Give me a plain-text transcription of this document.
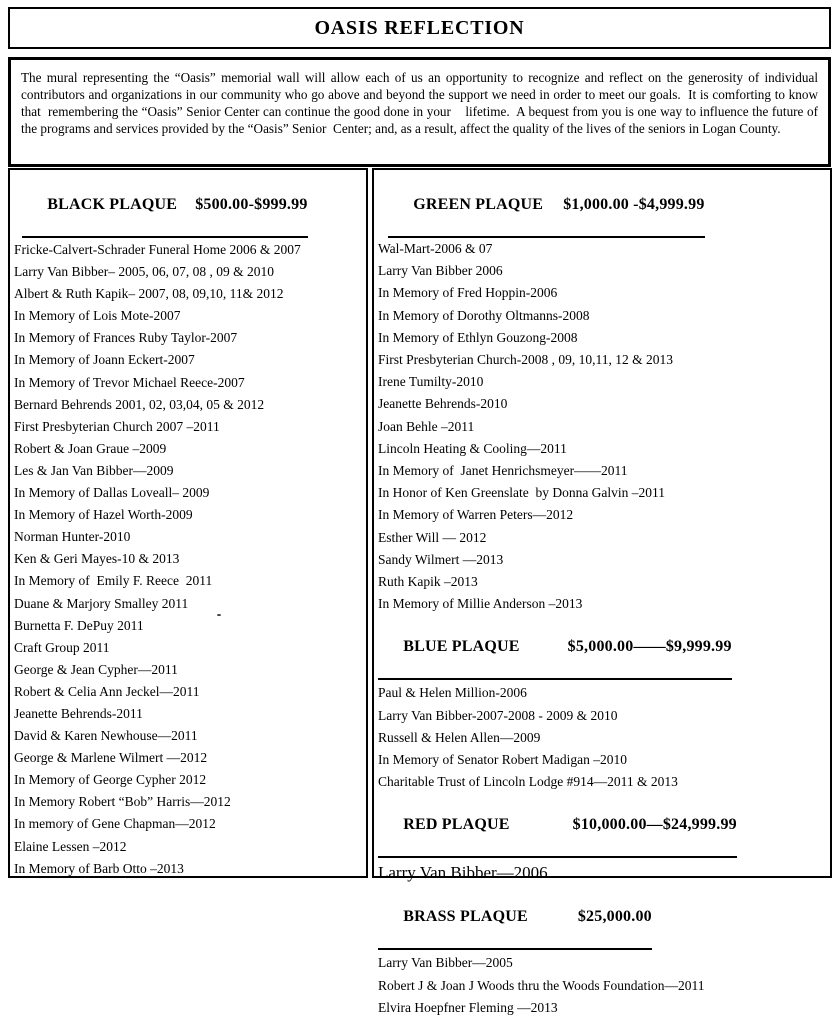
OASIS REFLECTION

The mural representing the “Oasis” memorial wall will allow each of us an opportunity to recognize and reflect on the generosity of individual contributors and organizations in our community who go above and beyond the support we need in order to meet our goals.  It is comforting to know that  remembering the “Oasis” Senior Center can continue the good done in your    lifetime.  A bequest from you is one way to influence the future of the programs and services provided by the “Oasis” Senior  Center; and, as a result, affect the quality of the lives of the seniors in Logan County.

BLACK PLAQUE $500.00-$999.99

Fricke-Calvert-Schrader Funeral Home 2006 & 2007
Larry Van Bibber– 2005, 06, 07, 08 , 09 & 2010
Albert & Ruth Kapik– 2007, 08, 09,10, 11& 2012
In Memory of Lois Mote-2007
In Memory of Frances Ruby Taylor-2007
In Memory of Joann Eckert-2007
In Memory of Trevor Michael Reece-2007
Bernard Behrends 2001, 02, 03,04, 05 & 2012
First Presbyterian Church 2007 –2011
Robert & Joan Graue –2009
Les & Jan Van Bibber—2009
In Memory of Dallas Loveall– 2009
In Memory of Hazel Worth-2009
Norman Hunter-2010
Ken & Geri Mayes-10 & 2013
In Memory of  Emily F. Reece  2011
Duane & Marjory Smalley 2011
Burnetta F. DePuy 2011
Craft Group 2011
George & Jean Cypher—2011
Robert & Celia Ann Jeckel—2011
Jeanette Behrends-2011
David & Karen Newhouse—2011
George & Marlene Wilmert —2012
In Memory of George Cypher 2012
In Memory Robert “Bob” Harris—2012
In memory of Gene Chapman—2012
Elaine Lessen –2012
In Memory of Barb Otto –2013

GREEN PLAQUE $1,000.00 -$4,999.99

Wal-Mart-2006 & 07
Larry Van Bibber 2006
In Memory of Fred Hoppin-2006
In Memory of Dorothy Oltmanns-2008
In Memory of Ethlyn Gouzong-2008
First Presbyterian Church-2008 , 09, 10,11, 12 & 2013
Irene Tumilty-2010
Jeanette Behrends-2010
Joan Behle –2011
Lincoln Heating & Cooling—2011
In Memory of  Janet Henrichsmeyer——2011
In Honor of Ken Greenslate  by Donna Galvin –2011
In Memory of Warren Peters—2012
Esther Will — 2012
Sandy Wilmert —2013
Ruth Kapik –2013
In Memory of Millie Anderson –2013

BLUE PLAQUE	$5,000.00——$9,999.99

Paul & Helen Million-2006
Larry Van Bibber-2007-2008 - 2009 & 2010
Russell & Helen Allen—2009
In Memory of Senator Robert Madigan –2010
Charitable Trust of Lincoln Lodge #914—2011 & 2013

RED PLAQUE	$10,000.00—$24,999.99

Larry Van Bibber—2006

BRASS PLAQUE	$25,000.00

Larry Van Bibber—2005
Robert J & Joan J Woods thru the Woods Foundation—2011
Elvira Hoepfner Fleming —2013
